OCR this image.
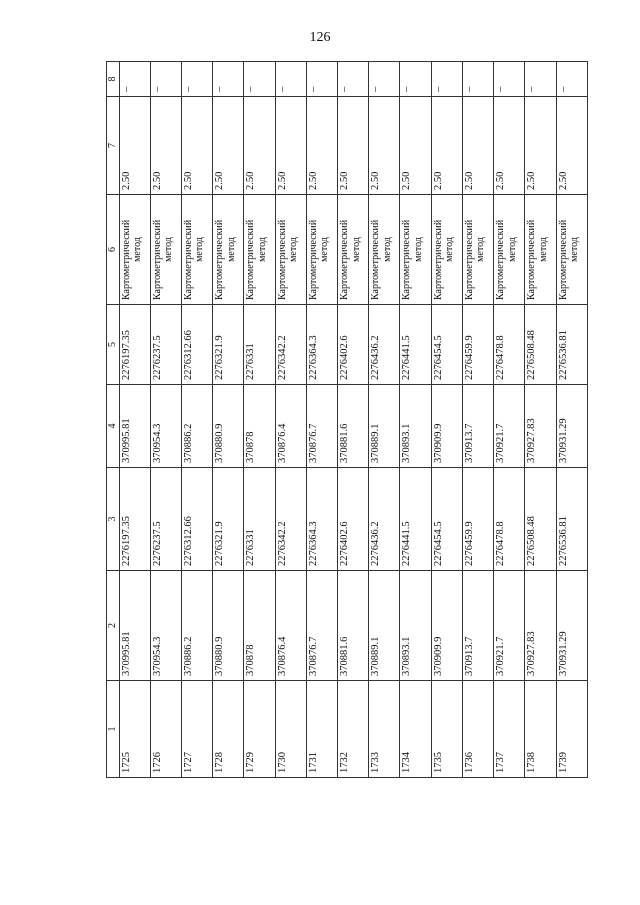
126
1	2	3	4	5	6	7	8
1725	370995.81	2276197.35	370995.81	2276197.35	Картометрический метод	2.50	–
1726	370954.3	2276237.5	370954.3	2276237.5	Картометрический метод	2.50	–
1727	370886.2	2276312.66	370886.2	2276312.66	Картометрический метод	2.50	–
1728	370880.9	2276321.9	370880.9	2276321.9	Картометрический метод	2.50	–
1729	370878	2276331	370878	2276331	Картометрический метод	2.50	–
1730	370876.4	2276342.2	370876.4	2276342.2	Картометрический метод	2.50	–
1731	370876.7	2276364.3	370876.7	2276364.3	Картометрический метод	2.50	–
1732	370881.6	2276402.6	370881.6	2276402.6	Картометрический метод	2.50	–
1733	370889.1	2276436.2	370889.1	2276436.2	Картометрический метод	2.50	–
1734	370893.1	2276441.5	370893.1	2276441.5	Картометрический метод	2.50	–
1735	370909.9	2276454.5	370909.9	2276454.5	Картометрический метод	2.50	–
1736	370913.7	2276459.9	370913.7	2276459.9	Картометрический метод	2.50	–
1737	370921.7	2276478.8	370921.7	2276478.8	Картометрический метод	2.50	–
1738	370927.83	2276508.48	370927.83	2276508.48	Картометрический метод	2.50	–
1739	370931.29	2276536.81	370931.29	2276536.81	Картометрический метод	2.50	–
